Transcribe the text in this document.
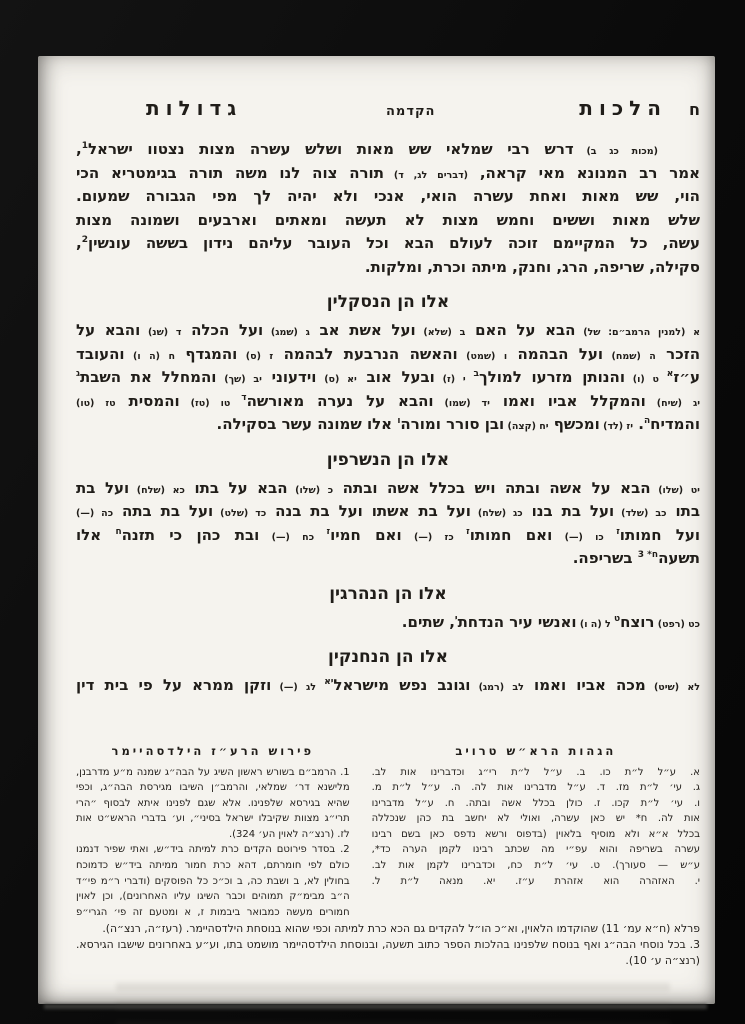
ח
הלכות
הקדמה
גדולות
(מכות כג ב) דרש רבי שמלאי שש מאות ושלש עשרה מצות נצטוו ישראל$^1$,
אמר רב המנונא מאי קראה, (דברים לג, ד) תורה צוה לנו משה תורה בגימטריא הכי
הוי, שש מאות ואחת עשרה הואי, אנכי ולא יהיה לך מפי הגבורה שמעום.
שלש מאות וששים וחמש מצות לא תעשה ומאתים וארבעים ושמונה מצות
עשה, כל המקיימם זוכה לעולם הבא וכל העובר עליהם נידון בששה עונשין$^2$,
סקילה, שריפה, הרג, וחנק, מיתה וכרת, ומלקות.
אלו הן הנסקלין
א (למנין הרמב״ם: של) הבא על האם ב (שלא) ועל אשת אב ג (שמג) ועל הכלה ד (שנ) והבא על
הזכר ה (שמח) ועל הבהמה ו (שמט) והאשה הנרבעת לבהמה ז (ס) והמגדף ח (ה ו) והעובד
ע״ז$^א$ ט (ו) והנותן מזרעו למולך$^ב$ י (ז) ובעל אוב יא (ס) וידעוני יב (שך) והמחלל את השבת$^ג$
יג (שיח) והמקלל אביו ואמו יד (שמו) והבא על נערה מאורשה$^ד$ טו (טז) והמסית טז (טו)
והמדיח$^ה$. יז (לד) ומכשף יח (קצה) ובן סורר ומורה$^ו$ אלו שמונה עשר בסקילה.
אלו הן הנשרפין
יט (שלו) הבא על אשה ובתה ויש בכלל אשה ובתה כ (שלו) הבא על בתו כא (שלח) ועל בת
בתו כב (שלד) ועל בת בנו כג (שלח) ועל בת אשתו ועל בת בנה כד (שלט) ועל בת בתה כה (—)
ועל חמותו$^ז$ כו (—) ואם חמותו$^ז$ כז (—) ואם חמיו$^ז$ כח (—) ובת כהן כי תזנה$^ח$ אלו
תשעה$^{ח* 3}$ בשריפה.
אלו הן הנהרגין
כט (רפט) רוצח$^ט$ ל (ה ו) ואנשי עיר הנדחת$^י$, שתים.
אלו הן הנחנקין
לא (שיט) מכה אביו ואמו לב (רמג) וגונב נפש מישראל$^{יא}$ לג (—) וזקן ממרא על פי בית דין
הגהות הרא״ש טרויב
א. ע״ל ל״ת כו. ב. ע״ל ל״ת רי״ג וכדברינו אות לב.
ג. עי׳ ל״ת מז. ד. ע״ל מדברינו אות לה. ה. ע״ל ל״ת מ.
ו. עי׳ ל״ת קכו. ז. כולן בכלל אשה ובתה. ח. ע״ל מדברינו
אות לה. ח* יש כאן עשרה, ואולי לא יחשב בת כהן שנכללה
בכלל א״א ולא מוסיף בלאוין (בדפוס ורשא נדפס כאן בשם רבינו
עשרה בשריפה והוא עפ״י מה שכתב רבינו לקמן הערה כד*,
ע״ש — סעורך). ט. עי׳ ל״ת כח, וכדברינו לקמן אות לב.
י. האזהרה הוא אזהרת ע״ז. יא. מנאה ל״ת ל.
פירוש הרע״ז הילדסהיימר
1. הרמב״ם בשורש ראשון השיג על הבה״ג שמנה מ״ע מדרבנן,
מלישנא דר׳ שמלאי, והרמב״ן השיבו מגירסת הבה״ג, וכפי
שהיא בגירסא שלפנינו. אלא שגם לפנינו איתא לבסוף ״הרי
תרי״ג מצוות שקיבלו ישראל בסיני״, וע׳ בדברי הראש״ט אות
לז. (רנצ״ה לאוין הע׳ 324).
2. בסדר פירוטם הקדים כרת למיתה ביד״ש, ואתי שפיר דנמנו
כולם לפי חומרתם, דהא כרת חמור ממיתה ביד״ש כדמוכח
בחולין לא, ב ושבת כה, ב וכ״כ כל הפוסקים (ודברי ר״מ פי״ד
ה״ב מבימ״ק תמוהים וכבר השיגו עליו האחרונים), וכן לאוין
חמורים מעשה כמבואר ביבמות ז, א ומטעם זה פי׳ הגרי״פ
פרלא (ח״א עמ׳ 11) שהוקדמו הלאוין, וא״כ הו״ל להקדים גם הכא כרת למיתה וכפי שהוא בנוסחת הילדסהיימר. (רעז״ה, רנצ״ה).
3. בכל נוסחי הבה״ג ואף בנוסח שלפנינו בהלכות הספר כתוב תשעה, ובנוסחת הילדסהיימר מושמט בתו, וע״ע באחרונים שישבו הגירסא. (רנצ״ה ע׳ 10).
